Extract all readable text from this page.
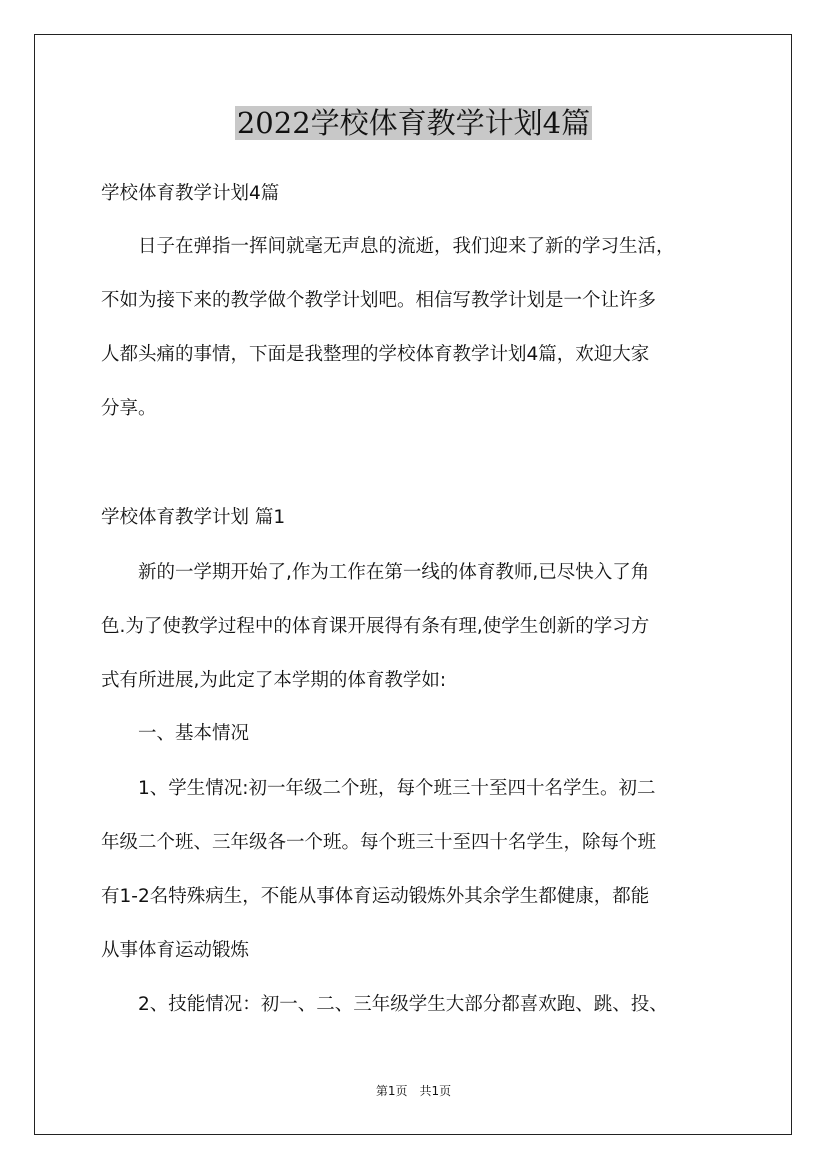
2022学校体育教学计划4篇

学校体育教学计划4篇

　　日子在弹指一挥间就毫无声息的流逝，我们迎来了新的学习生活，

不如为接下来的教学做个教学计划吧。相信写教学计划是一个让许多

人都头痛的事情，下面是我整理的学校体育教学计划4篇，欢迎大家

分享。

学校体育教学计划 篇1

　　新的一学期开始了,作为工作在第一线的体育教师,已尽快入了角

色.为了使教学过程中的体育课开展得有条有理,使学生创新的学习方

式有所进展,为此定了本学期的体育教学如:

　　一、基本情况

　　1、学生情况:初一年级二个班，每个班三十至四十名学生。初二

年级二个班、三年级各一个班。每个班三十至四十名学生，除每个班

有1-2名特殊病生，不能从事体育运动锻炼外其余学生都健康，都能

从事体育运动锻炼

　　2、技能情况：初一、二、三年级学生大部分都喜欢跑、跳、投、

第1页　共1页
